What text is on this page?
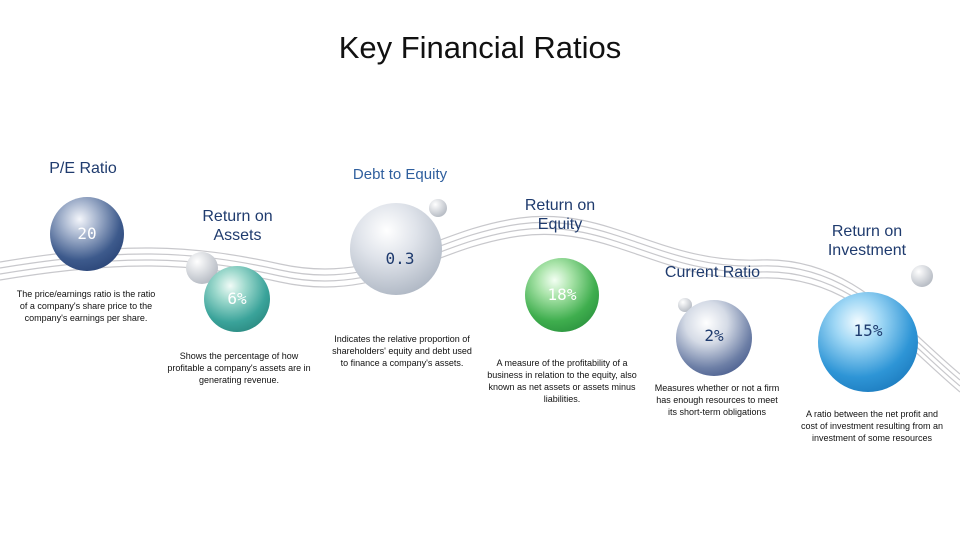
Key Financial Ratios
P/E Ratio
20
The price/earnings ratio is the ratio of a company's share price to the company's earnings per share.
Return on Assets
6%
Shows the percentage of how profitable a company's assets are in generating revenue.
Debt to Equity
0.3
Indicates the relative proportion of shareholders' equity and debt used to finance a company's assets.
Return on Equity
18%
A measure of the profitability of a business in relation to the equity, also known as net assets or assets minus liabilities.
Current Ratio
2%
Measures whether or not a firm has enough resources to meet its short-term obligations
Return on Investment
15%
A ratio between the net profit and cost of investment resulting from an investment of some resources
